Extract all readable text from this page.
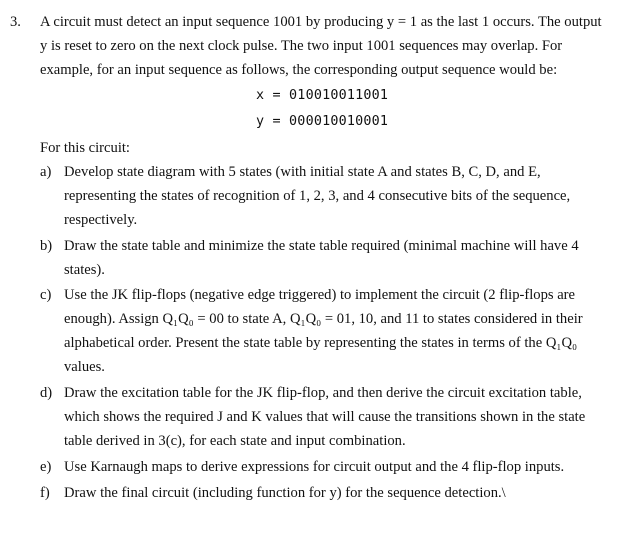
3. A circuit must detect an input sequence 1001 by producing y = 1 as the last 1 occurs. The output
y is reset to zero on the next clock pulse. The two input 1001 sequences may overlap. For
example, for an input sequence as follows, the corresponding output sequence would be:
x = 010010011001
y = 000010010001
For this circuit:
a) Develop state diagram with 5 states (with initial state A and states B, C, D, and E,
representing the states of recognition of 1, 2, 3, and 4 consecutive bits of the sequence,
respectively.
b) Draw the state table and minimize the state table required (minimal machine will have 4
states).
c) Use the JK flip-flops (negative edge triggered) to implement the circuit (2 flip-flops are
enough). Assign Q₁Q₀ = 00 to state A, Q₁Q₀ = 01, 10, and 11 to states considered in their
alphabetical order. Present the state table by representing the states in terms of the Q₁Q₀
values.
d) Draw the excitation table for the JK flip-flop, and then derive the circuit excitation table,
which shows the required J and K values that will cause the transitions shown in the state
table derived in 3(c), for each state and input combination.
e) Use Karnaugh maps to derive expressions for circuit output and the 4 flip-flop inputs.
f) Draw the final circuit (including function for y) for the sequence detection.\
